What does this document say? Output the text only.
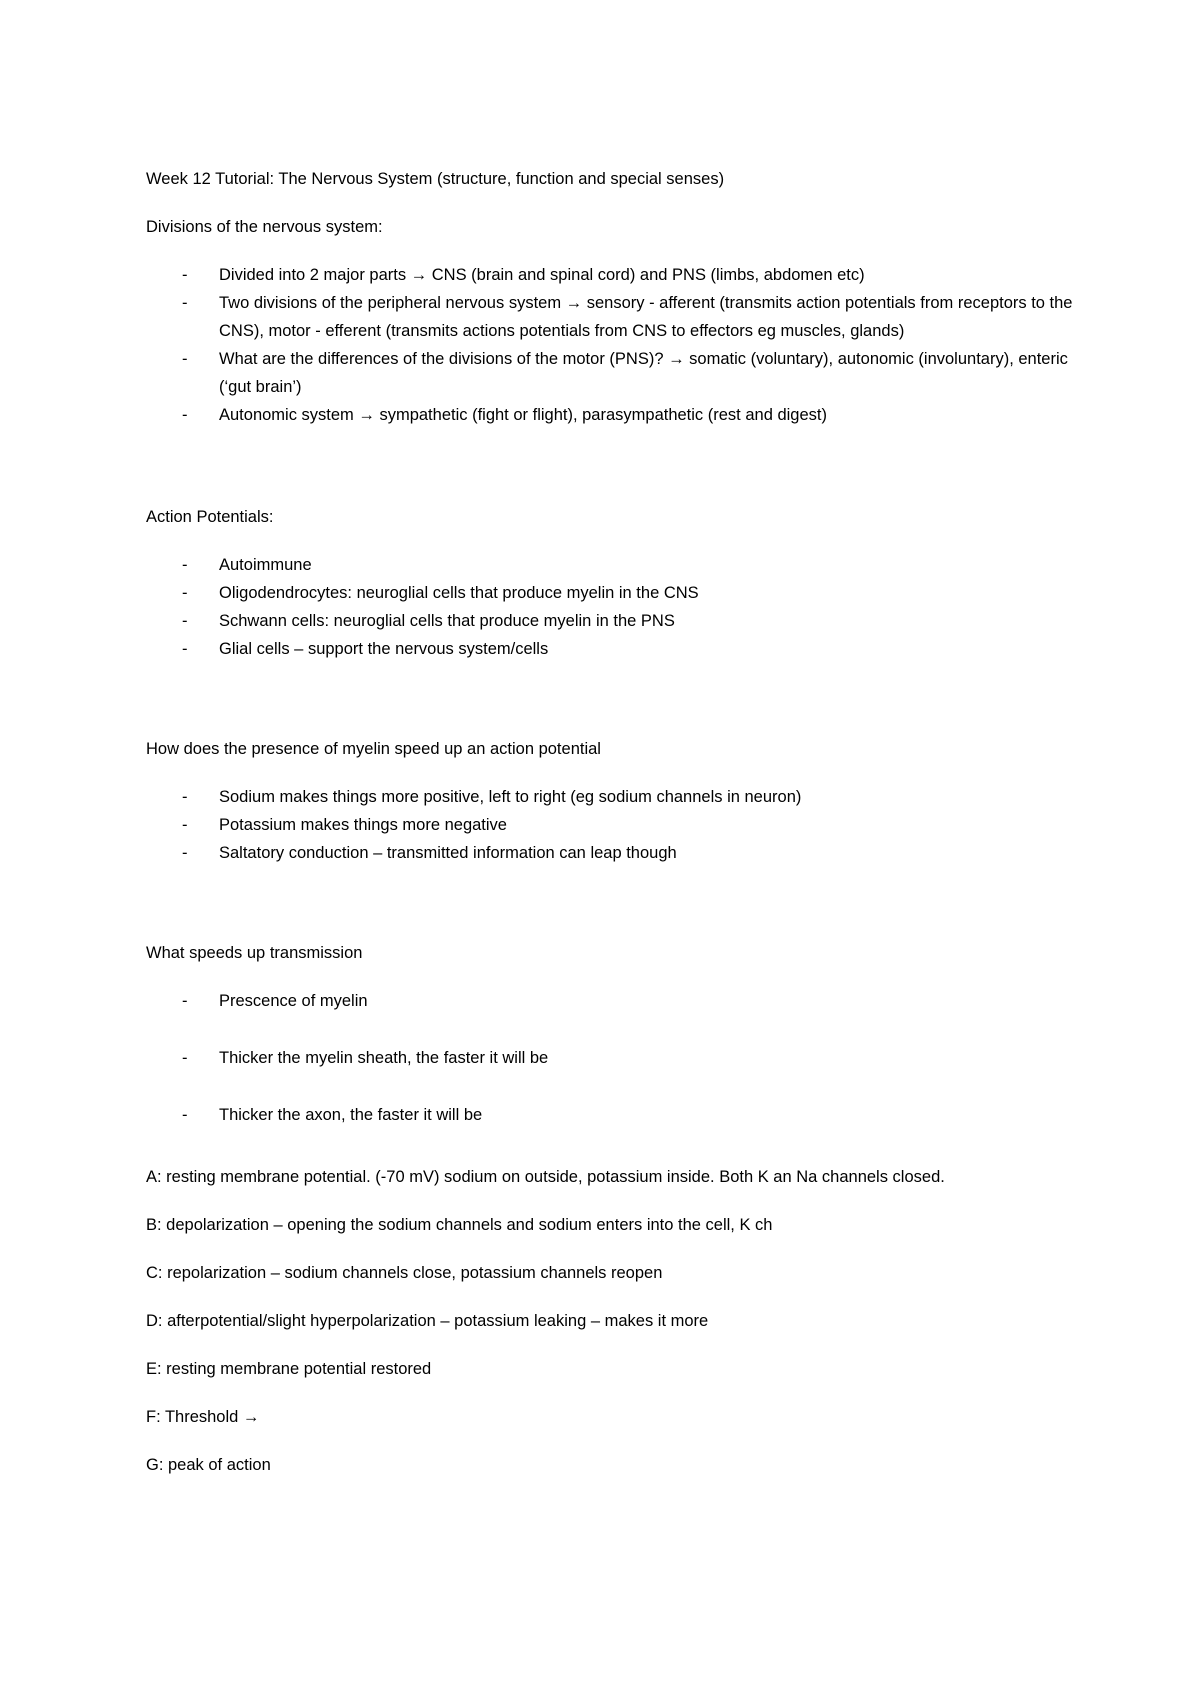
Week 12 Tutorial: The Nervous System (structure, function and special senses)

Divisions of the nervous system:

- Divided into 2 major parts → CNS (brain and spinal cord) and PNS (limbs, abdomen etc)
- Two divisions of the peripheral nervous system → sensory - afferent (transmits action potentials from receptors to the CNS), motor - efferent (transmits actions potentials from CNS to effectors eg muscles, glands)
- What are the differences of the divisions of the motor (PNS)? → somatic (voluntary), autonomic (involuntary), enteric (‘gut brain’)
- Autonomic system → sympathetic (fight or flight), parasympathetic (rest and digest)

Action Potentials:

- Autoimmune
- Oligodendrocytes: neuroglial cells that produce myelin in the CNS
- Schwann cells: neuroglial cells that produce myelin in the PNS
- Glial cells – support the nervous system/cells

How does the presence of myelin speed up an action potential

- Sodium makes things more positive, left to right (eg sodium channels in neuron)
- Potassium makes things more negative
- Saltatory conduction – transmitted information can leap though

What speeds up transmission

- Prescence of myelin
- Thicker the myelin sheath, the faster it will be
- Thicker the axon, the faster it will be

A: resting membrane potential. (-70 mV) sodium on outside, potassium inside. Both K an Na channels closed.

B: depolarization – opening the sodium channels and sodium enters into the cell, K ch

C: repolarization – sodium channels close, potassium channels reopen

D: afterpotential/slight hyperpolarization – potassium leaking – makes it more

E: resting membrane potential restored

F: Threshold →

G: peak of action
